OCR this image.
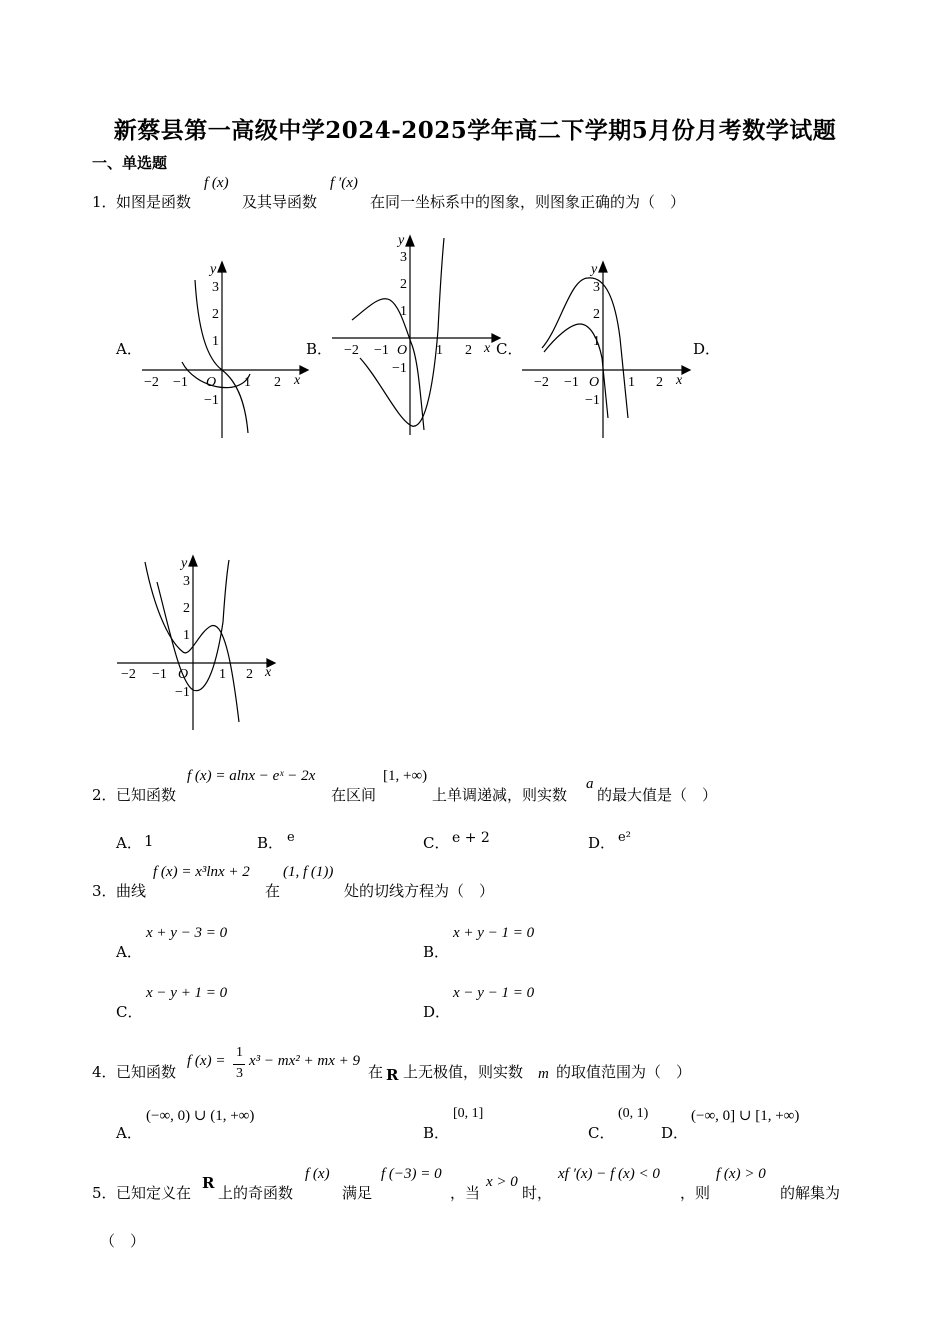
新蔡县第一高级中学2024-2025学年高二下学期5月份月考数学试题
一、单选题
1． 如图是函数
f (x)
及其导函数
f ′(x)
在同一坐标系中的图象，则图象正确的为（　）
A．	B．	C．	D．
−2 −1 O 1 2 x
y
3
2
1
−1
−2 −1 O 1 2 x
y
3
2
1
−1
−2 −1 O 1 2 x
y
3
2
1
−1
−2 −1 O 1 2 x
y
3
2
1
−1
2． 已知函数
f (x) = alnx − eˣ − 2x
在区间
[1, +∞)
上单调递减，则实数
a
的最大值是（　）
A． 1	B． e	C． e + 2	D． e²
3． 曲线
f (x) = x³lnx + 2
在
(1, f (1))
处的切线方程为（　）
A．
x + y − 3 = 0
B．
x + y − 1 = 0
C．
x − y + 1 = 0
D．
x − y − 1 = 0
4． 已知函数
f (x) =
1
3
x³ − mx² + mx + 9
在 R 上无极值，则实数 m 的取值范围为（　）
A．
(−∞, 0) ∪ (1, +∞)
B．
[0, 1]
C．
(0, 1)
D．
(−∞, 0] ∪ [1, +∞)
5． 已知定义在
R
上的奇函数
f (x)
满足
f (−3) = 0
，当
x > 0
时，
xf ′(x) − f (x) < 0
，则
f (x) > 0
的解集为
（　）
